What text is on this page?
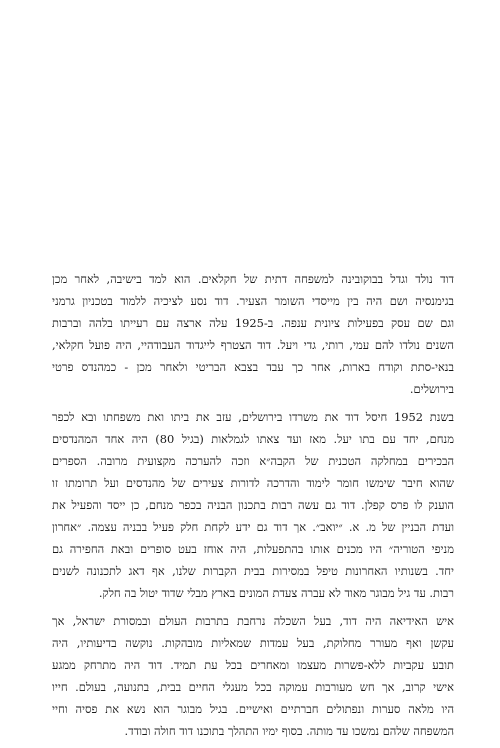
דוד נולד וגדל בבוקובינה למשפחה דתית של חקלאים. הוא למד בישיבה, לאחר מכן
בגימנסיה ושם היה בין מייסדי השומר הצעיר. דוד נסע לציכיה ללמוד בטכניון גרמני
וגם שם עסק בפעילות ציונית ענפה. ב-1925 עלה ארצה עם רעייתו בלהה וברבות
השנים נולדו להם עמי, רותי, גדי ויעל. דוד הצטרף לייגדוד העבודהיי, היה פועל חקלאי,
בנאי-סתת וקודח בארות, אחר כך עבד בצבא הבריטי ולאחר מכן - כמהנדס פרטי
בירושלים.
בשנת 1952 חיסל דוד את משרדו בירושלים, עזב את ביתו ואת משפחתו ובא לכפר
מנחם, יחד עם בתו יעל. מאז ועד צאתו לגמלאות (בגיל 80) היה אחד המהנדסים
הבכירים במחלקה הטכנית של הקבה״א וזכה להערכה מקצועית מרובה. הספרים
שהוא חיבר שימשו חומר לימוד והדרכה לדורות צעירים של מהנדסים ועל תרומתו זו
הוענק לו פרס קפלן. דוד גם עשה רבות בתכנון הבניה בכפר מנחם, כן ייסד והפעיל את
ועדת הבניין של מ. א. ״יואב״. אך דוד גם ידע לקחת חלק פעיל בבניה עצמה. ״אחרון
מניפי הטוריה״ היו מכנים אותו בהתפעלות, היה אוחז בעט סופרים ובאת החפירה גם
יחד. בשנותיו האחרונות טיפל במסירות בבית הקברות שלנו, אף דאג לתכנונה לשנים
רבות. עד גיל מבוגר מאוד לא עברה צעדת המונים בארץ מבלי שדוד יטול בה חלק.
איש האידיאה היה דוד, בעל השכלה נרחבת בתרבות העולם ובמסורת ישראל, אך
עקשן ואף מעורר מחלוקת, בעל עמדות שמאליות מובהקות. נוקשה בדיעותיו, היה
תובע עקביות ללא-פשרות מעצמו ומאחרים בכל עת תמיד. דוד היה מתרחק ממגע
אישי קרוב, אך חש מעורבות עמוקה בכל מעגלי החיים בבית, בתנועה, בעולם. חייו
היו מלאה סערות ונפתולים חברתיים ואישיים. בגיל מבוגר הוא נשא את פסיה וחיי
המשפחה שלהם נמשכו עד מותה. בסוף ימיו התהלך בתוכנו דוד חולה ובודד.
